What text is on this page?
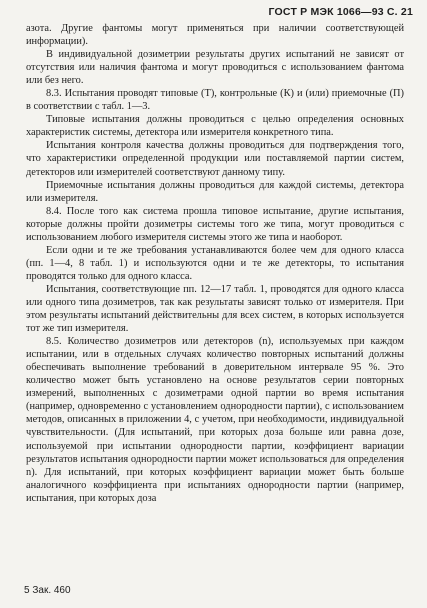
ГОСТ Р МЭК 1066—93 С. 21

азота. Другие фантомы могут применяться при наличии соответствующей информации).

В индивидуальной дозиметрии результаты других испытаний не зависят от отсутствия или наличия фантома и могут проводиться с использованием фантома или без него.

8.3. Испытания проводят типовые (Т), контрольные (К) и (или) приемочные (П) в соответствии с табл. 1—3.

Типовые испытания должны проводиться с целью определения основных характеристик системы, детектора или измерителя конкретного типа.

Испытания контроля качества должны проводиться для подтверждения того, что характеристики определенной продукции или поставляемой партии систем, детекторов или измерителей соответствуют данному типу.

Приемочные испытания должны проводиться для каждой системы, детектора или измерителя.

8.4. После того как система прошла типовое испытание, другие испытания, которые должны пройти дозиметры системы того же типа, могут проводиться с использованием любого измерителя системы этого же типа и наоборот.

Если одни и те же требования устанавливаются более чем для одного класса (пп. 1—4, 8 табл. 1) и используются одни и те же детекторы, то испытания проводятся только для одного класса.

Испытания, соответствующие пп. 12—17 табл. 1, проводятся для одного класса или одного типа дозиметров, так как результаты зависят только от измерителя. При этом результаты испытаний действительны для всех систем, в которых используется тот же тип измерителя.

8.5. Количество дозиметров или детекторов (n), используемых при каждом испытании, или в отдельных случаях количество повторных испытаний должны обеспечивать выполнение требований в доверительном интервале 95 %. Это количество может быть установлено на основе результатов серии повторных измерений, выполненных с дозиметрами одной партии во время испытания (например, одновременно с установлением однородности партии), с использованием методов, описанных в приложении 4, с учетом, при необходимости, индивидуальной чувствительности. (Для испытаний, при которых доза больше или равна дозе, используемой при испытании однородности партии, коэффициент вариации результатов испытания однородности партии может использоваться для определения n). Для испытаний, при которых коэффициент вариации может быть больше аналогичного коэффициента при испытаниях однородности партии (например, испытания, при которых доза

5 Зак. 460
